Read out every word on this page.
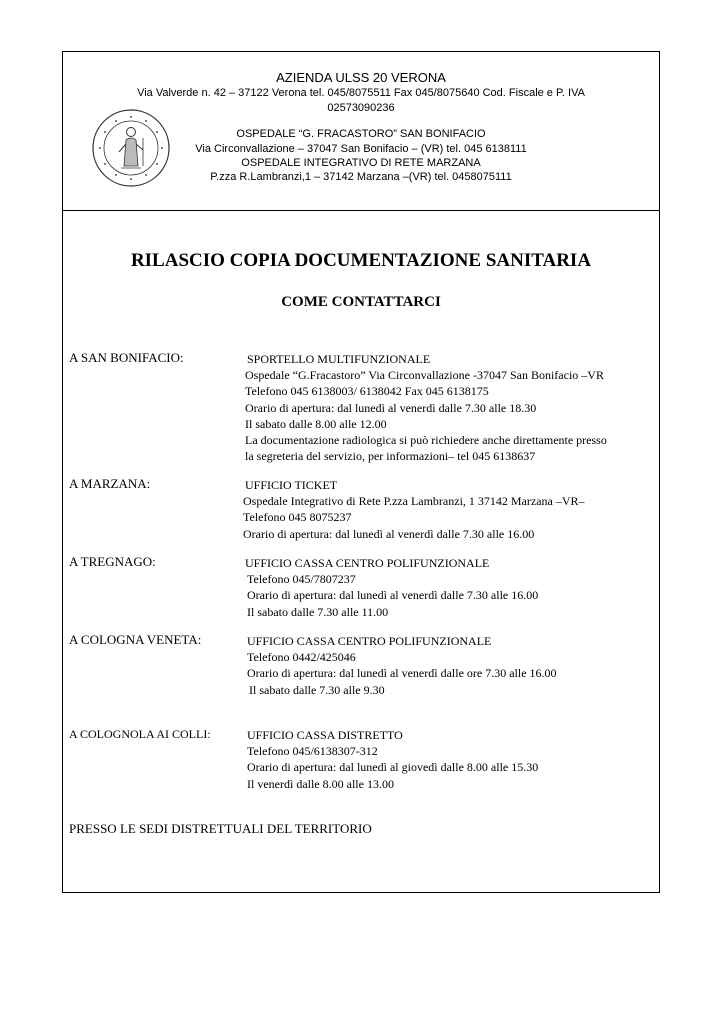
AZIENDA ULSS 20 VERONA
Via Valverde n. 42 – 37122 Verona tel. 045/8075511 Fax 045/8075640 Cod. Fiscale e P. IVA
02573090236
OSPEDALE “G. FRACASTORO” SAN BONIFACIO
Via Circonvallazione – 37047 San Bonifacio – (VR) tel. 045 6138111
OSPEDALE INTEGRATIVO DI RETE MARZANA
P.zza R.Lambranzi,1 – 37142 Marzana –(VR) tel. 0458075111
RILASCIO COPIA DOCUMENTAZIONE SANITARIA
COME CONTATTARCI
A SAN BONIFACIO:	SPORTELLO MULTIFUNZIONALE
Ospedale “G.Fracastoro” Via Circonvallazione -37047 San Bonifacio –VR
Telefono 045 6138003/ 6138042 Fax 045 6138175
Orario di apertura: dal lunedì al venerdì dalle 7.30 alle 18.30
Il sabato dalle 8.00 alle 12.00
La documentazione radiologica si può richiedere anche direttamente presso
la segreteria del servizio, per informazioni– tel 045 6138637
A MARZANA:	UFFICIO TICKET
Ospedale Integrativo di Rete P.zza Lambranzi, 1 37142 Marzana –VR–
Telefono 045 8075237
Orario di apertura: dal lunedì al venerdì dalle 7.30 alle 16.00
A TREGNAGO:	UFFICIO CASSA CENTRO POLIFUNZIONALE
Telefono 045/7807237
Orario di apertura: dal lunedì al venerdì dalle 7.30 alle 16.00
Il sabato dalle 7.30 alle 11.00
A COLOGNA VENETA:	UFFICIO CASSA CENTRO POLIFUNZIONALE
Telefono 0442/425046
Orario di apertura: dal lunedì al venerdì dalle ore 7.30 alle 16.00
Il sabato dalle 7.30 alle 9.30
A COLOGNOLA AI COLLI:	UFFICIO CASSA DISTRETTO
Telefono 045/6138307-312
Orario di apertura: dal lunedì al giovedì dalle 8.00 alle 15.30
Il venerdì dalle 8.00 alle 13.00
PRESSO LE SEDI DISTRETTUALI DEL TERRITORIO
